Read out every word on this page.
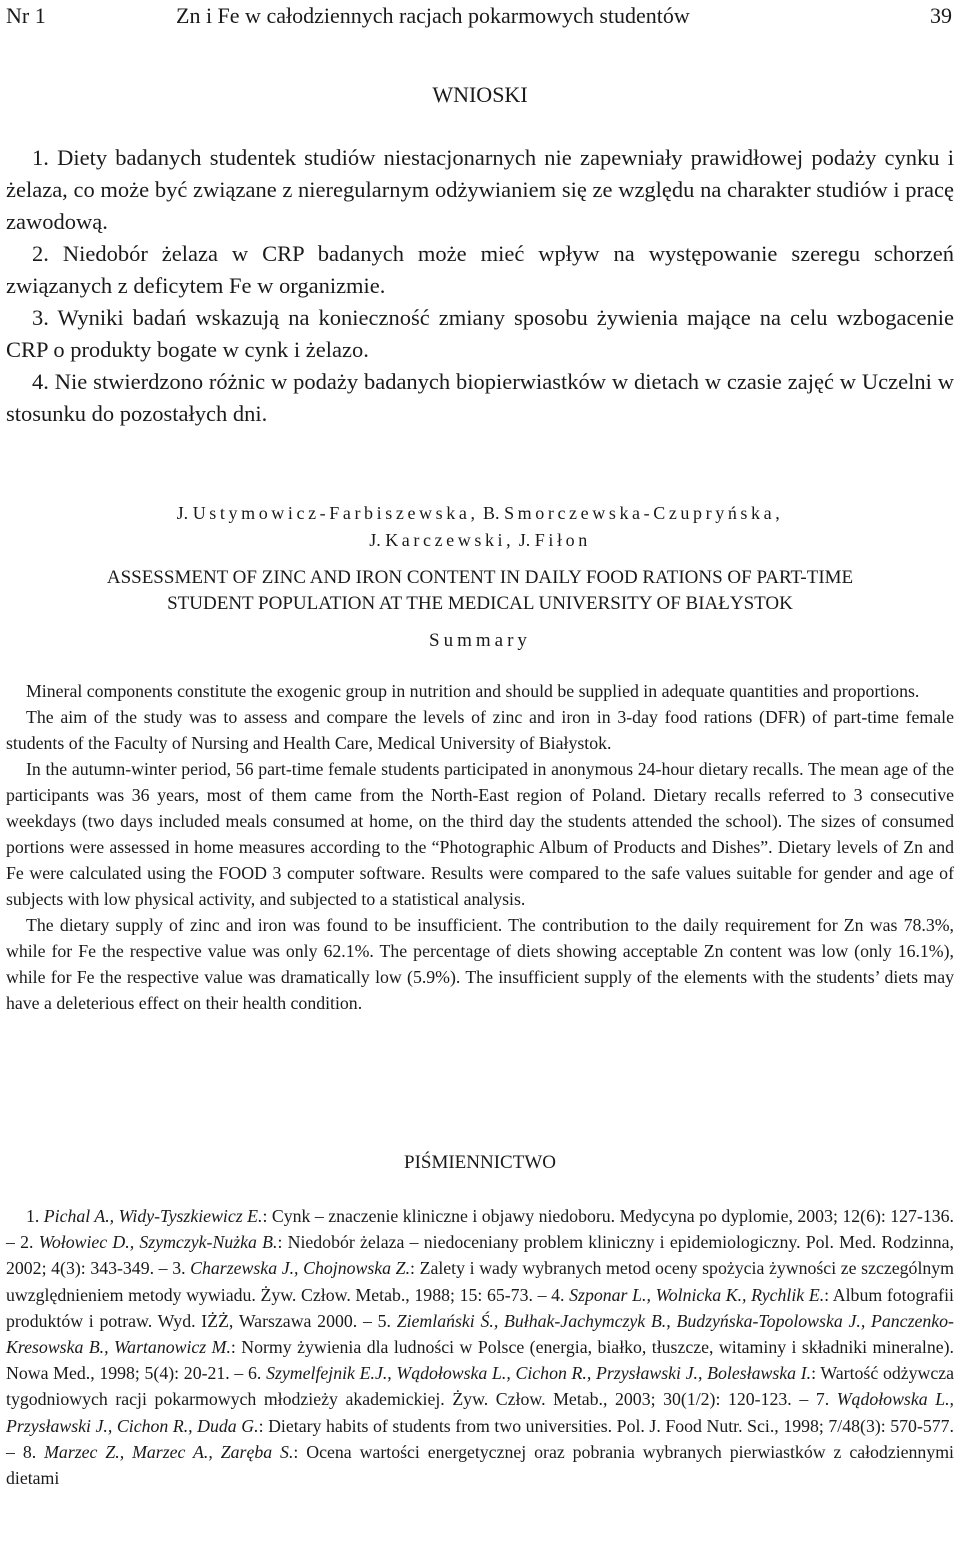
Nr 1	Zn i Fe w całodziennych racjach pokarmowych studentów	39
WNIOSKI

1. Diety badanych studentek studiów niestacjonarnych nie zapewniały prawidłowej podaży cynku i żelaza, co może być związane z nieregularnym odżywianiem się ze względu na charakter studiów i pracę zawodową.

2. Niedobór żelaza w CRP badanych może mieć wpływ na występowanie szeregu schorzeń związanych z deficytem Fe w organizmie.

3. Wyniki badań wskazują na konieczność zmiany sposobu żywienia mające na celu wzbogacenie CRP o produkty bogate w cynk i żelazo.

4. Nie stwierdzono różnic w podaży badanych biopierwiastków w dietach w czasie zajęć w Uczelni w stosunku do pozostałych dni.

J. Ustymowicz-Farbiszewska, B. Smorczewska-Czupryńska,
J. Karczewski, J. Fiłon
ASSESSMENT OF ZINC AND IRON CONTENT IN DAILY FOOD RATIONS OF PART-TIME
STUDENT POPULATION AT THE MEDICAL UNIVERSITY OF BIAŁYSTOK
Summary

Mineral components constitute the exogenic group in nutrition and should be supplied in adequate quantities and proportions.

The aim of the study was to assess and compare the levels of zinc and iron in 3-day food rations (DFR) of part-time female students of the Faculty of Nursing and Health Care, Medical University of Białystok.

In the autumn-winter period, 56 part-time female students participated in anonymous 24-hour dietary recalls. The mean age of the participants was 36 years, most of them came from the North-East region of Poland. Dietary recalls referred to 3 consecutive weekdays (two days included meals consumed at home, on the third day the students attended the school). The sizes of consumed portions were assessed in home measures according to the “Photographic Album of Products and Dishes”. Dietary levels of Zn and Fe were calculated using the FOOD 3 computer software. Results were compared to the safe values suitable for gender and age of subjects with low physical activity, and subjected to a statistical analysis.

The dietary supply of zinc and iron was found to be insufficient. The contribution to the daily requirement for Zn was 78.3%, while for Fe the respective value was only 62.1%. The percentage of diets showing acceptable Zn content was low (only 16.1%), while for Fe the respective value was dramatically low (5.9%). The insufficient supply of the elements with the students’ diets may have a deleterious effect on their health condition.

PIŚMIENNICTWO

1. Pichal A., Widy-Tyszkiewicz E.: Cynk – znaczenie kliniczne i objawy niedoboru. Medycyna po dyplomie, 2003; 12(6): 127-136. – 2. Wołowiec D., Szymczyk-Nużka B.: Niedobór żelaza – niedoceniany problem kliniczny i epidemiologiczny. Pol. Med. Rodzinna, 2002; 4(3): 343-349. – 3. Charzewska J., Chojnowska Z.: Zalety i wady wybranych metod oceny spożycia żywności ze szczególnym uwzględnieniem metody wywiadu. Żyw. Człow. Metab., 1988; 15: 65-73. – 4. Szponar L., Wolnicka K., Rychlik E.: Album fotografii produktów i potraw. Wyd. IŻŻ, Warszawa 2000. – 5. Ziemlański Ś., Bułhak-Jachymczyk B., Budzyńska-Topolowska J., Panczenko-Kresowska B., Wartanowicz M.: Normy żywienia dla ludności w Polsce (energia, białko, tłuszcze, witaminy i składniki mineralne). Nowa Med., 1998; 5(4): 20-21. – 6. Szymelfejnik E.J., Wądołowska L., Cichon R., Przysławski J., Bolesławska I.: Wartość odżywcza tygodniowych racji pokarmowych młodzieży akademickiej. Żyw. Człow. Metab., 2003; 30(1/2): 120-123. – 7. Wądołowska L., Przysławski J., Cichon R., Duda G.: Dietary habits of students from two universities. Pol. J. Food Nutr. Sci., 1998; 7/48(3): 570-577. – 8. Marzec Z., Marzec A., Zaręba S.: Ocena wartości energetycznej oraz pobrania wybranych pierwiastków z całodziennymi dietami
